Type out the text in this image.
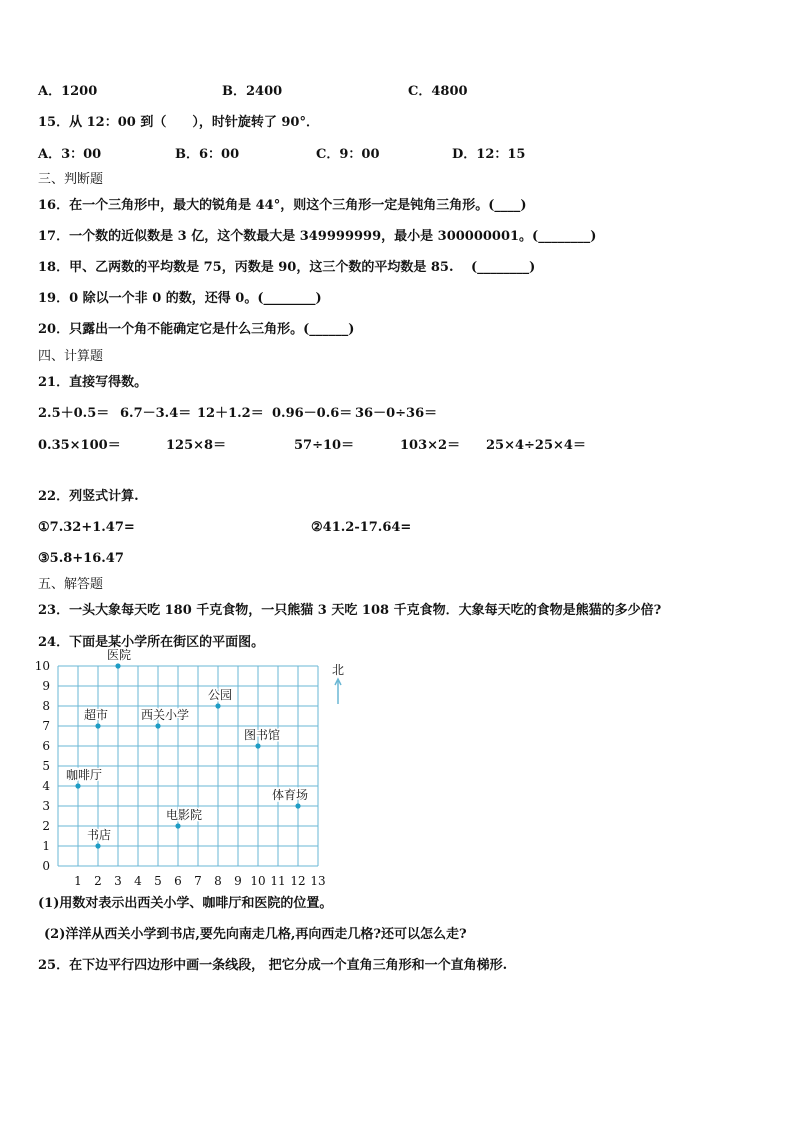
A．1200	B．2400	C．4800
15．从 12：00 到（　　），时针旋转了 90°．
A．3：00	B．6：00	C．9：00	D．12：15
三、判断题
16．在一个三角形中，最大的锐角是 44°，则这个三角形一定是钝角三角形。(____)
17．一个数的近似数是 3 亿，这个数最大是 349999999，最小是 300000001。(________)
18．甲、乙两数的平均数是 75，丙数是 90，这三个数的平均数是 85.　 (________)
19．0 除以一个非 0 的数，还得 0。(________)
20．只露出一个角不能确定它是什么三角形。(______)
四、计算题
21．直接写得数。
2.5＋0.5＝ 6.7－3.4＝ 12＋1.2＝ 0.96－0.6＝ 36－0÷36＝
0.35×100＝	125×8＝	57÷10＝	103×2＝ 25×4÷25×4＝
22．列竖式计算.
①7.32+1.47=	②41.2-17.64=
③5.8+16.47
五、解答题
23．一头大象每天吃 180 千克食物，一只熊猫 3 天吃 108 千克食物．大象每天吃的食物是熊猫的多少倍?
24．下面是某小学所在街区的平面图。
1 2 3 4 5 6 7 8 9 10 11 12 13
0
1
2
3
4
5
6
7
8
9
10	北
医院
公园
超市	西关小学
图书馆
咖啡厅
体育场
电影院
书店
(1)用数对表示出西关小学、咖啡厅和医院的位置。
(2)洋洋从西关小学到书店,要先向南走几格,再向西走几格?还可以怎么走?
25．在下边平行四边形中画一条线段， 把它分成一个直角三角形和一个直角梯形.
